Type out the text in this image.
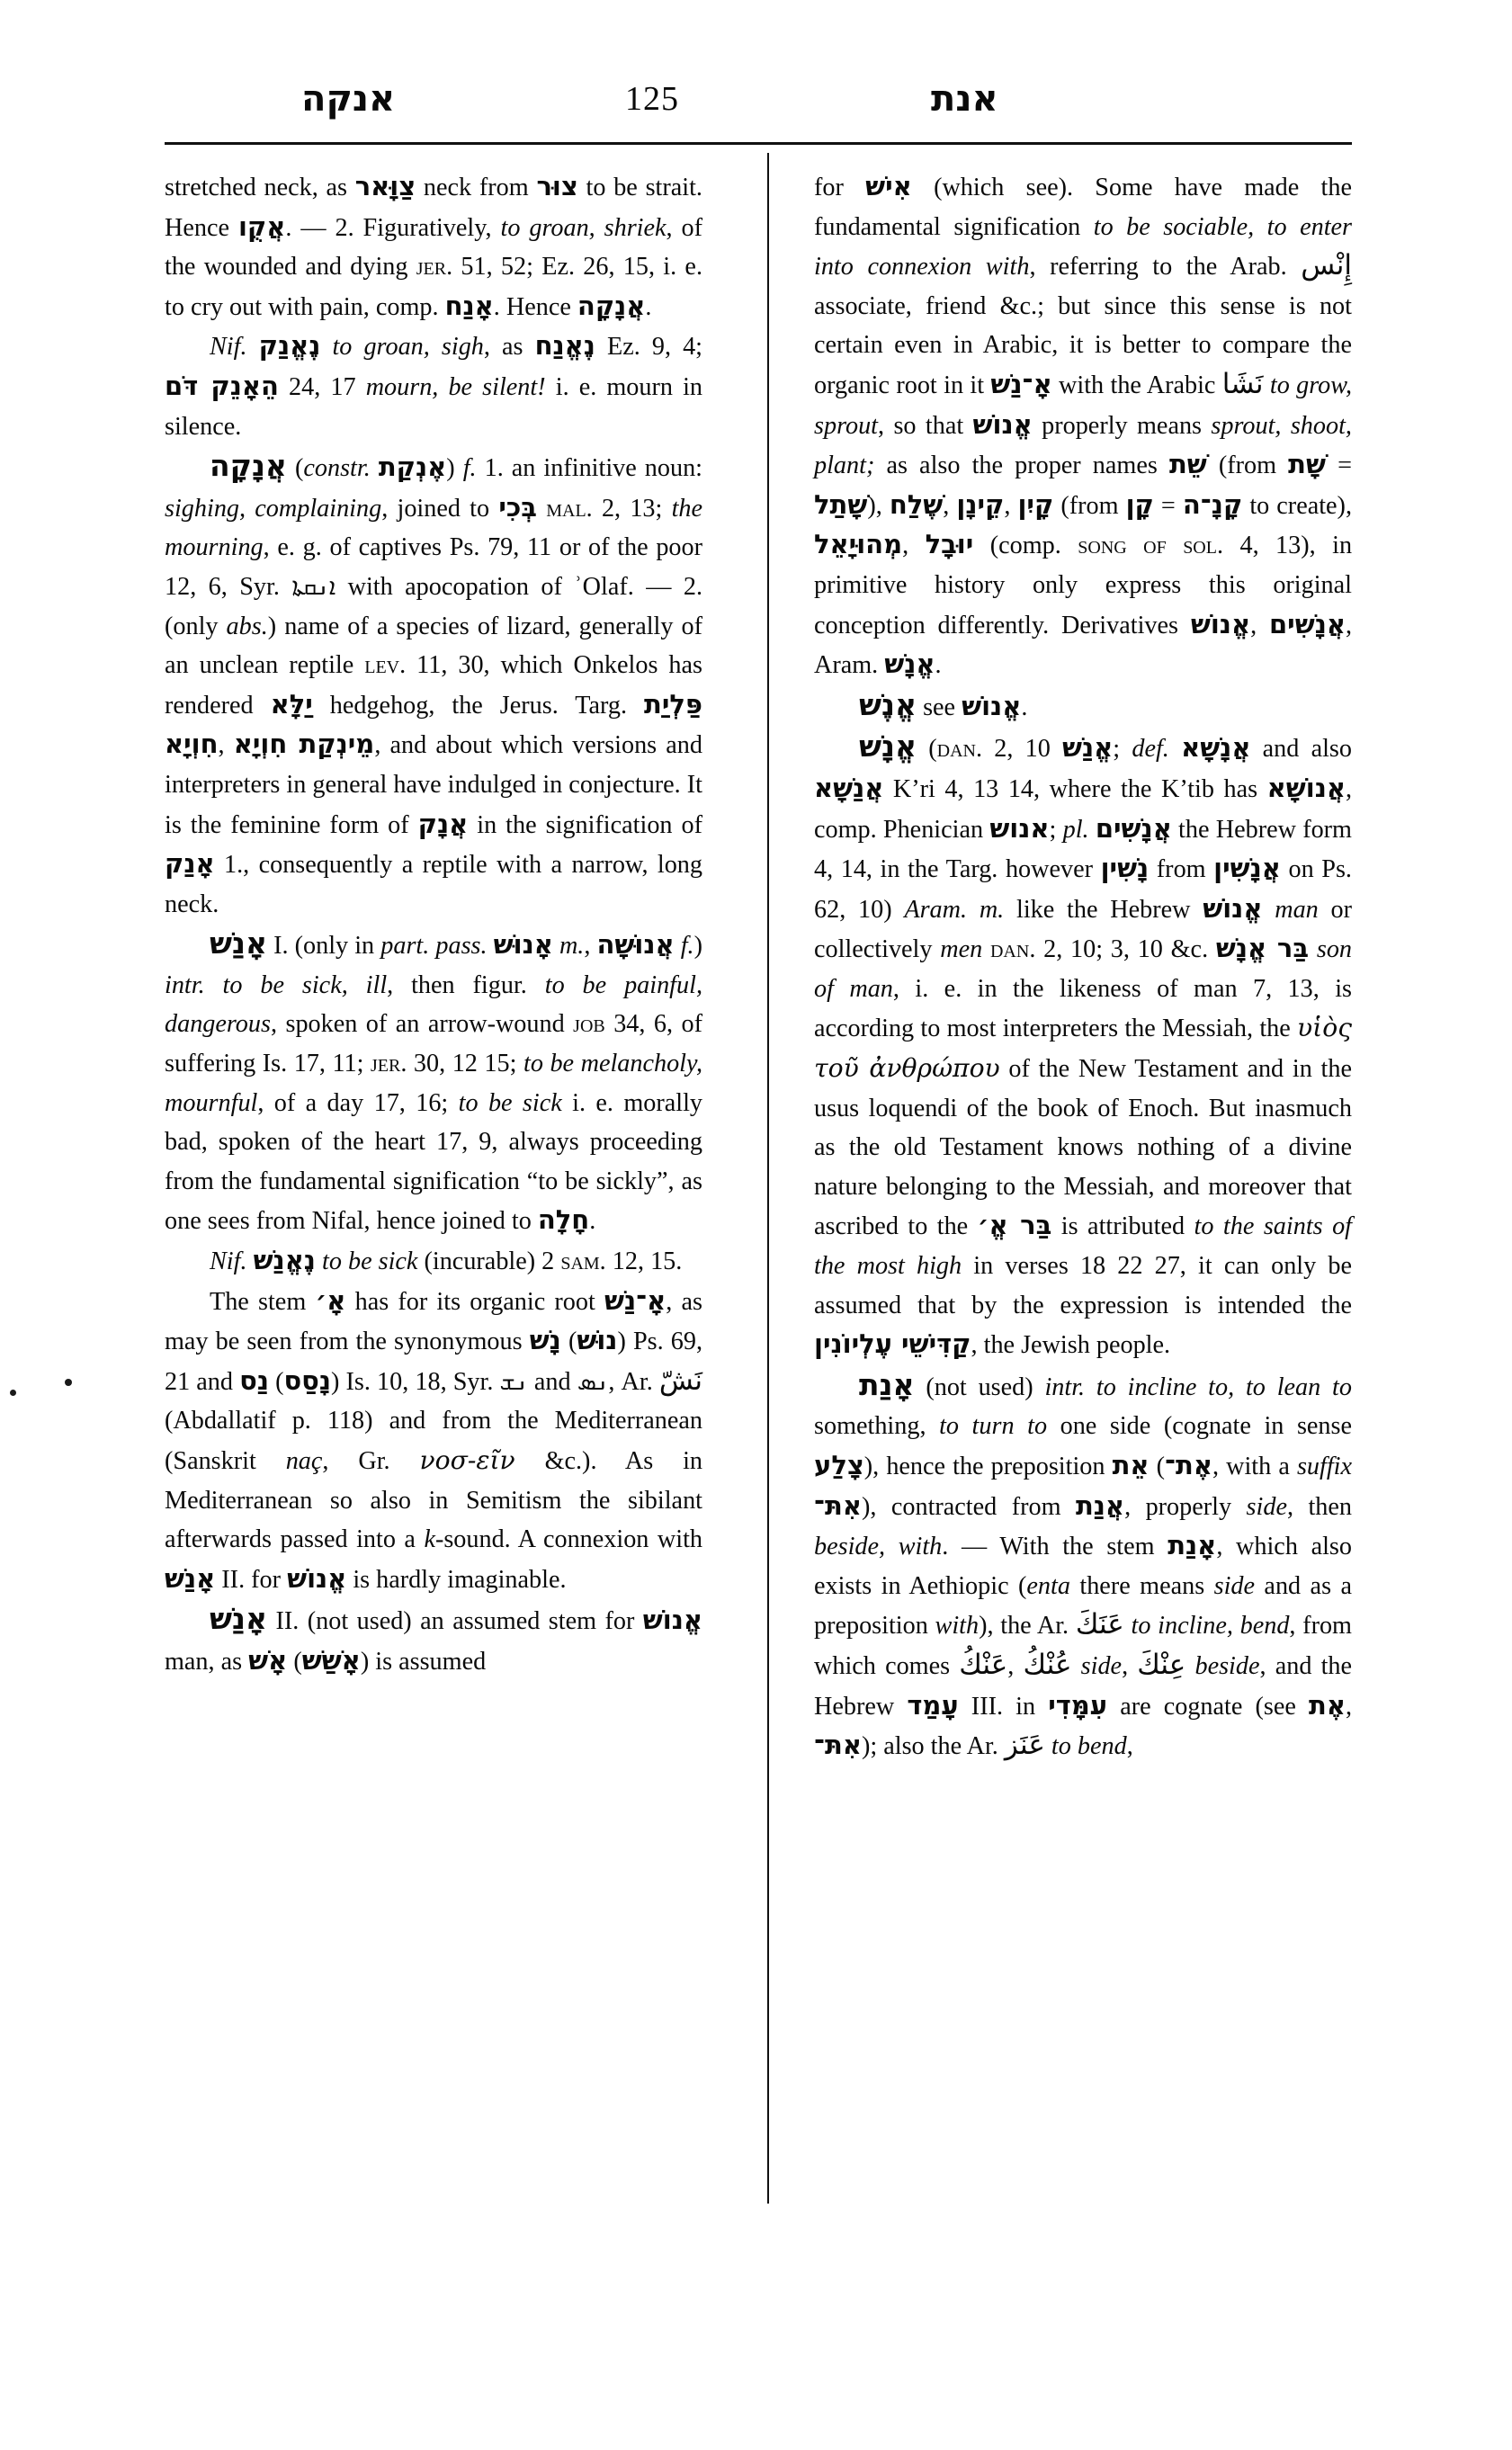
אנקה	125	אנת

stretched neck, as צַוָּאר neck from צוּר to be strait. Hence אֲקֻו. — 2. Figuratively, to groan, shriek, of the wounded and dying jer. 51, 52; Ez. 26, 15, i. e. to cry out with pain, comp. אָנַח. Hence אֲנָקָה.

Nif. נֶאֱנַק to groan, sigh, as נֶאֱנַח Ez. 9, 4; הֵאָנֵק דֹּם 24, 17 mourn, be silent! i. e. mourn in silence.

אֲנָקָה (constr. אֶנְקַת) f. 1. an infinitive noun: sighing, complaining, joined to בְּכִי mal. 2, 13; the mourning, e. g. of captives Ps. 79, 11 or of the poor 12, 6, Syr. ܐܢܩܬܐ with apocopation of ʾOlaf. — 2. (only abs.) name of a species of lizard, generally of an unclean reptile lev. 11, 30, which Onkelos has rendered יַלָּא hedgehog, the Jerus. Targ. פַּלְיַת חִוְיָא, מֵינְקַת חִוְיָא, and about which versions and interpreters in general have indulged in conjecture. It is the feminine form of אֲנָק in the signification of אָנַק 1., consequently a reptile with a narrow, long neck.

אָנַשׁ I. (only in part. pass. אָנוּשׁ m., אֲנוּשָׁה f.) intr. to be sick, ill, then figur. to be painful, dangerous, spoken of an arrow-wound job 34, 6, of suffering Is. 17, 11; jer. 30, 12 15; to be melancholy, mournful, of a day 17, 16; to be sick i. e. morally bad, spoken of the heart 17, 9, always proceeding from the fundamental signification “to be sickly”, as one sees from Nifal, hence joined to חָלָה.

Nif. נֶאֱנַשׁ to be sick (incurable) 2 sam. 12, 15.

The stem אָ׳ has for its organic root אָ־נַשׁ, as may be seen from the synonymous נָשׁ (נוּשׁ) Ps. 69, 21 and נַס (נָסַס) Is. 10, 18, Syr. ܢܫ and ܢܣ, Ar. نَشّ (Abdallatif p. 118) and from the Mediterranean (Sanskrit naç, Gr. νοσ-εῖν &c.). As in Mediterranean so also in Semitism the sibilant afterwards passed into a k-sound. A connexion with אָנַשׁ II. for אֱנוֹשׁ is hardly imaginable.

אָנַשׁ II. (not used) an assumed stem for אֱנוֹשׁ man, as אָשׁ (אָשַׁשׁ) is assumed

for אִישׁ (which see). Some have made the fundamental signification to be sociable, to enter into connexion with, referring to the Arab. إِنْس associate, friend &c.; but since this sense is not certain even in Arabic, it is better to compare the organic root in it אָ־נַשׁ with the Arabic نَشَا to grow, sprout, so that אֱנוֹשׁ properly means sprout, shoot, plant; as also the proper names שֵׁת (from שָׁת = שָׁתַל), שֶׁלַח, קֵינָן, קָיִן (from קָן = קָנָ־ה to create), מְהוּיָאֵל, יוּבָל (comp. song of sol. 4, 13), in primitive history only express this original conception differently. Derivatives אֱנוֹשׁ, אֲנָשִׁים, Aram. אֱנָשׁ.

אֱנֶשׁ see אֱנוֹשׁ.

אֱנָשׁ (dan. 2, 10 אֱנַשׁ; def. אֲנָשָׁא and also אֲנַשָׁא K’ri 4, 13 14, where the K’tib has אֲנוֹשָׁא, comp. Phenician אנוש; pl. אֲנָשִׁים the Hebrew form 4, 14, in the Targ. however נָשִׁין from אֲנָשִׁין on Ps. 62, 10) Aram. m. like the Hebrew אֱנוֹשׁ man or collectively men dan. 2, 10; 3, 10 &c. בַּר אֱנָשׁ son of man, i. e. in the likeness of man 7, 13, is according to most interpreters the Messiah, the υἱὸς τοῦ ἀνθρώπου of the New Testament and in the usus loquendi of the book of Enoch. But inasmuch as the old Testament knows nothing of a divine nature belonging to the Messiah, and moreover that ascribed to the בַּר אֱ׳ is attributed to the saints of the most high in verses 18 22 27, it can only be assumed that by the expression is intended the קַדִּישֵׁי עֶלְיוֹנִין, the Jewish people.

אָנַת (not used) intr. to incline to, to lean to something, to turn to one side (cognate in sense צָלַע), hence the preposition אֵת (אֶת־, with a suffix אִתּ־), contracted from אֲנַת, properly side, then beside, with. — With the stem אָנַת, which also exists in Aethiopic (enta there means side and as a preposition with), the Ar. عَنَكَ to incline, bend, from which comes عَنْكُ, عُنْكُ side, عِنْكَ beside, and the Hebrew עָמַד III. in עִמָּדִי are cognate (see אֶת, אִתּ־); also the Ar. عَنَز to bend,
